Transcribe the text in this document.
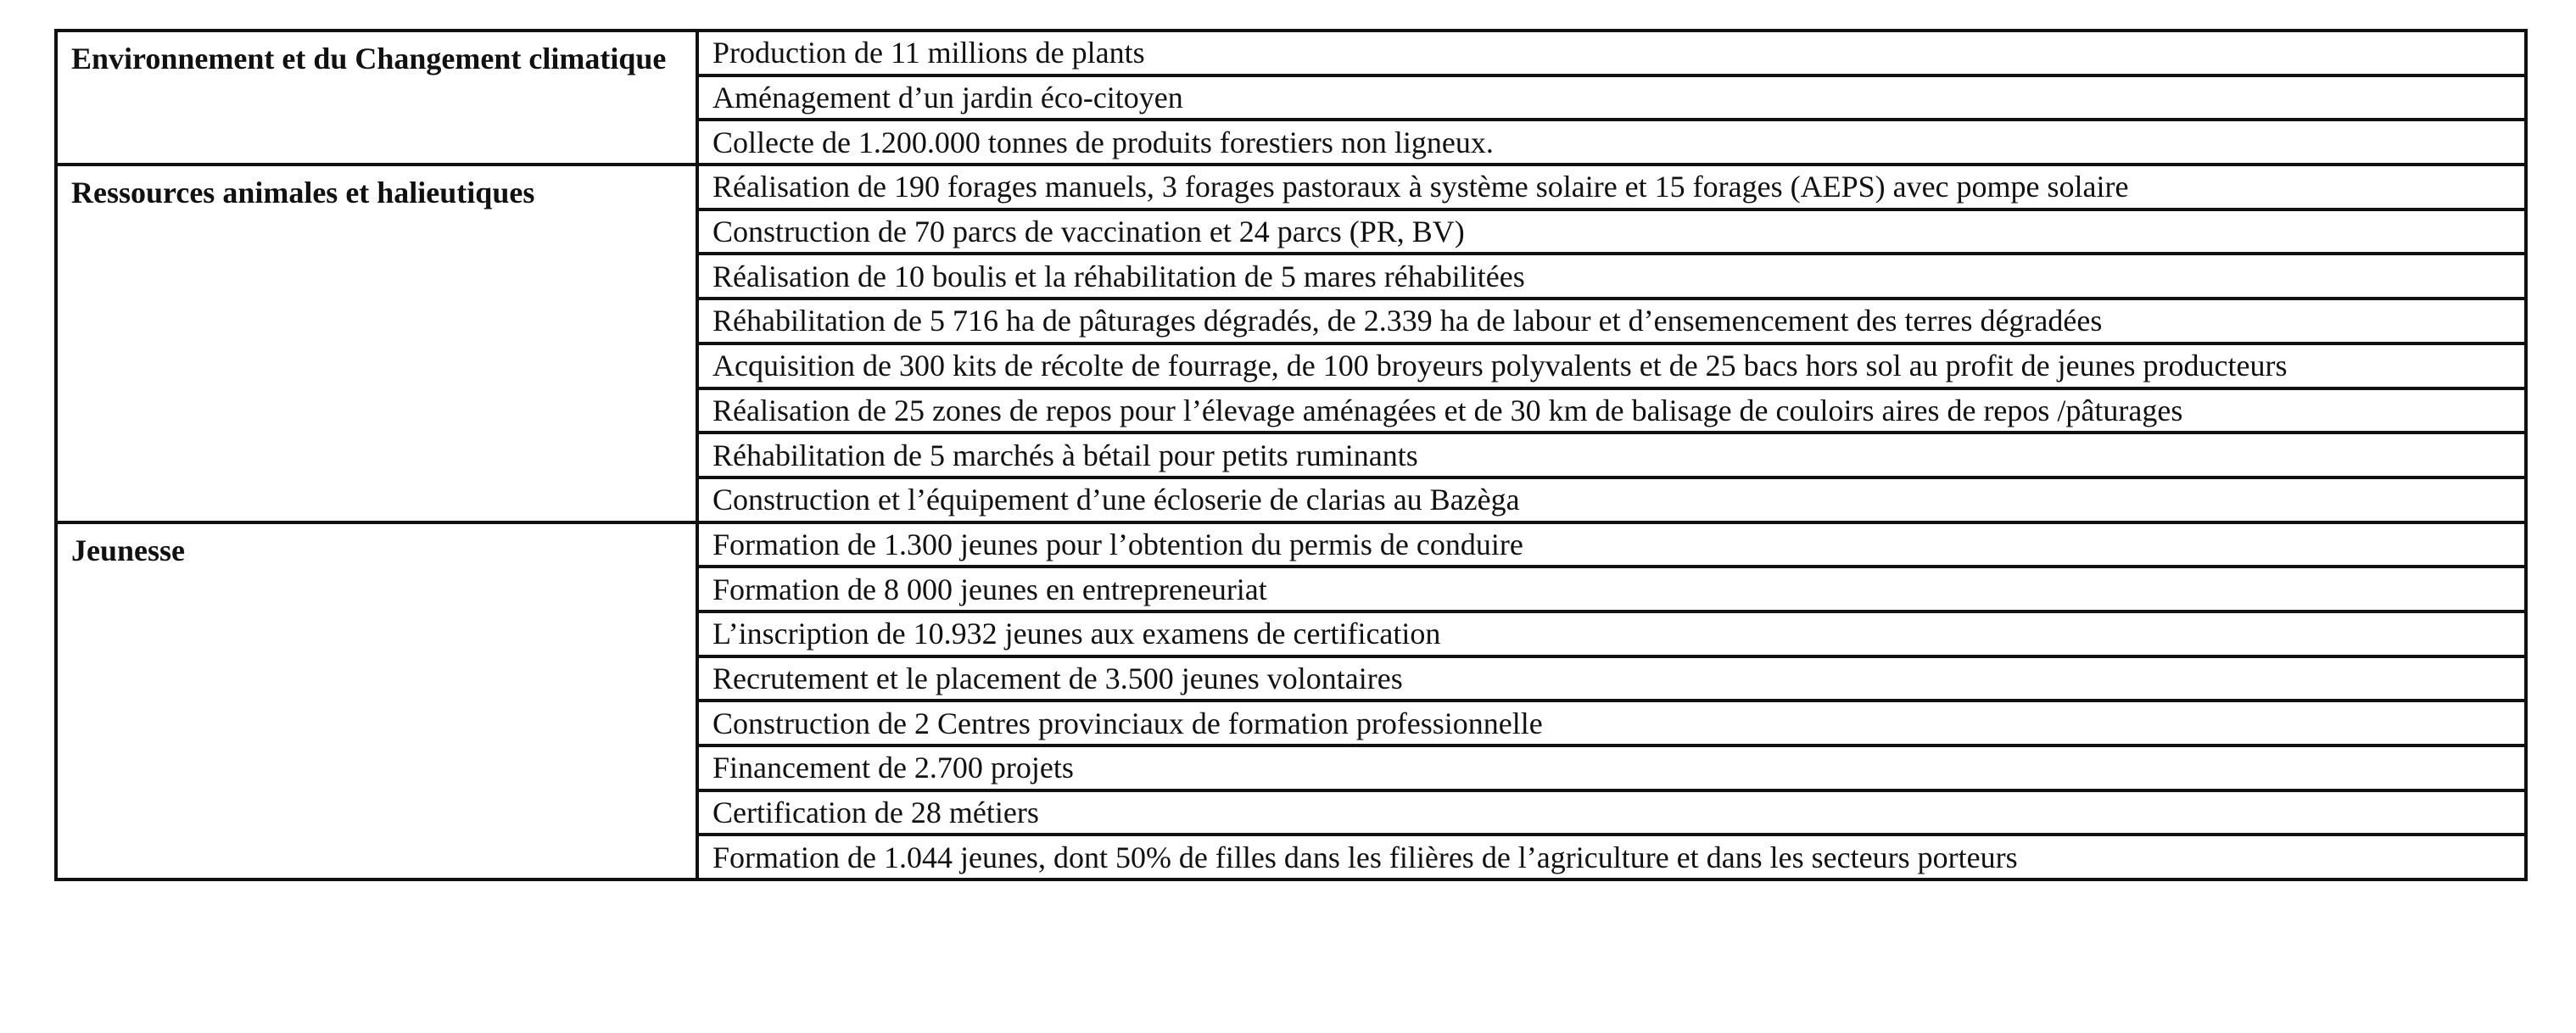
Environnement et du Changement climatique	Production de 11 millions de plants
	Aménagement d’un jardin éco-citoyen
	Collecte de 1.200.000 tonnes de produits forestiers non ligneux.
Ressources animales et halieutiques	Réalisation de 190 forages manuels, 3 forages pastoraux à système solaire et 15 forages (AEPS) avec pompe solaire
	Construction de 70 parcs de vaccination et 24 parcs (PR, BV)
	Réalisation de 10 boulis et la réhabilitation de 5 mares réhabilitées
	Réhabilitation de 5 716 ha de pâturages dégradés, de 2.339 ha de labour et d’ensemencement des terres dégradées
	Acquisition de 300 kits de récolte de fourrage, de 100 broyeurs polyvalents et de 25 bacs hors sol au profit de jeunes producteurs
	Réalisation de 25 zones de repos pour l’élevage aménagées et de 30 km de balisage de couloirs aires de repos /pâturages
	Réhabilitation de 5 marchés à bétail pour petits ruminants
	Construction et l’équipement d’une écloserie de clarias au Bazèga
Jeunesse	Formation de 1.300 jeunes pour l’obtention du permis de conduire
	Formation de 8 000 jeunes en entrepreneuriat
	L’inscription de 10.932 jeunes aux examens de certification
	Recrutement et le placement de 3.500 jeunes volontaires
	Construction de 2 Centres provinciaux de formation professionnelle
	Financement de 2.700 projets
	Certification de 28 métiers
	Formation de 1.044 jeunes, dont 50% de filles dans les filières de l’agriculture et dans les secteurs porteurs
